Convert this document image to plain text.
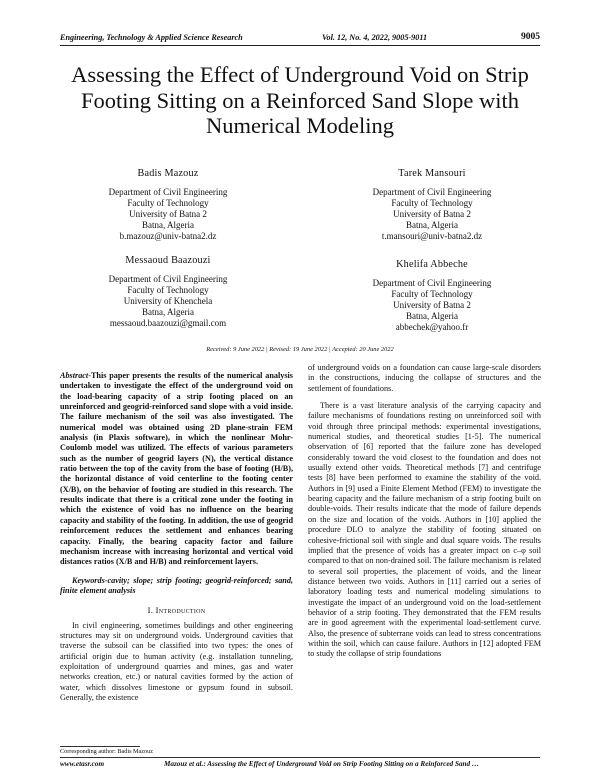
Engineering, Technology & Applied Science Research	Vol. 12, No. 4, 2022, 9005-9011	9005
Assessing the Effect of Underground Void on Strip Footing Sitting on a Reinforced Sand Slope with Numerical Modeling
Badis Mazouz
Department of Civil Engineering
Faculty of Technology
University of Batna 2
Batna, Algeria
b.mazouz@univ-batna2.dz
Tarek Mansouri
Department of Civil Engineering
Faculty of Technology
University of Batna 2
Batna, Algeria
t.mansouri@univ-batna2.dz
Messaoud Baazouzi
Department of Civil Engineering
Faculty of Technology
University of Khenchela
Batna, Algeria
messaoud.baazouzi@gmail.com
Khelifa Abbeche
Department of Civil Engineering
Faculty of Technology
University of Batna 2
Batna, Algeria
abbechek@yahoo.fr
Received: 9 June 2022 | Revised: 19 June 2022 | Accepted: 20 June 2022

Abstract-This paper presents the results of the numerical analysis undertaken to investigate the effect of the underground void on the load-bearing capacity of a strip footing placed on an unreinforced and geogrid-reinforced sand slope with a void inside. The failure mechanism of the soil was also investigated. The numerical model was obtained using 2D plane-strain FEM analysis (in Plaxis software), in which the nonlinear Mohr-Coulomb model was utilized. The effects of various parameters such as the number of geogrid layers (N), the vertical distance ratio between the top of the cavity from the base of footing (H/B), the horizontal distance of void centerline to the footing center (X/B), on the behavior of footing are studied in this research. The results indicate that there is a critical zone under the footing in which the existence of void has no influence on the bearing capacity and stability of the footing. In addition, the use of geogrid reinforcement reduces the settlement and enhances bearing capacity. Finally, the bearing capacity factor and failure mechanism increase with increasing horizontal and vertical void distances ratios (X/B and H/B) and reinforcement layers.

Keywords-cavity; slope; strip footing; geogrid-reinforced; sand, finite element analysis

I. Introduction

In civil engineering, sometimes buildings and other engineering structures may sit on underground voids. Underground cavities that traverse the subsoil can be classified into two types: the ones of artificial origin due to human activity (e.g. installation tunneling, exploitation of underground quarries and mines, gas and water networks creation, etc.) or natural cavities formed by the action of water, which dissolves limestone or gypsum found in subsoil. Generally, the existence

of underground voids on a foundation can cause large-scale disorders in the constructions, inducing the collapse of structures and the settlement of foundations.

There is a vast literature analysis of the carrying capacity and failure mechanisms of foundations resting on unreinforced soil with void through three principal methods: experimental investigations, numerical studies, and theoretical studies [1-5]. The numerical observation of [6] reported that the failure zone has developed considerably toward the void closest to the foundation and does not usually extend other voids. Theoretical methods [7] and centrifuge tests [8] have been performed to examine the stability of the void. Authors in [9] used a Finite Element Method (FEM) to investigate the bearing capacity and the failure mechanism of a strip footing built on double-voids. Their results indicate that the mode of failure depends on the size and location of the voids. Authors in [10] applied the procedure DLO to analyze the stability of footing situated on cohesive-frictional soil with single and dual square voids. The results implied that the presence of voids has a greater impact on c–φ soil compared to that on non-drained soil. The failure mechanism is related to several soil properties, the placement of voids, and the linear distance between two voids. Authors in [11] carried out a series of laboratory loading tests and numerical modeling simulations to investigate the impact of an underground void on the load-settlement behavior of a strip footing. They demonstrated that the FEM results are in good agreement with the experimental load-settlement curve. Also, the presence of subterrane voids can lead to stress concentrations within the soil, which can cause failure. Authors in [12] adopted FEM to study the collapse of strip foundations

Corresponding author: Badis Mazouz
www.etasr.com	Mazouz et al.: Assessing the Effect of Underground Void on Strip Footing Sitting on a Reinforced Sand …
